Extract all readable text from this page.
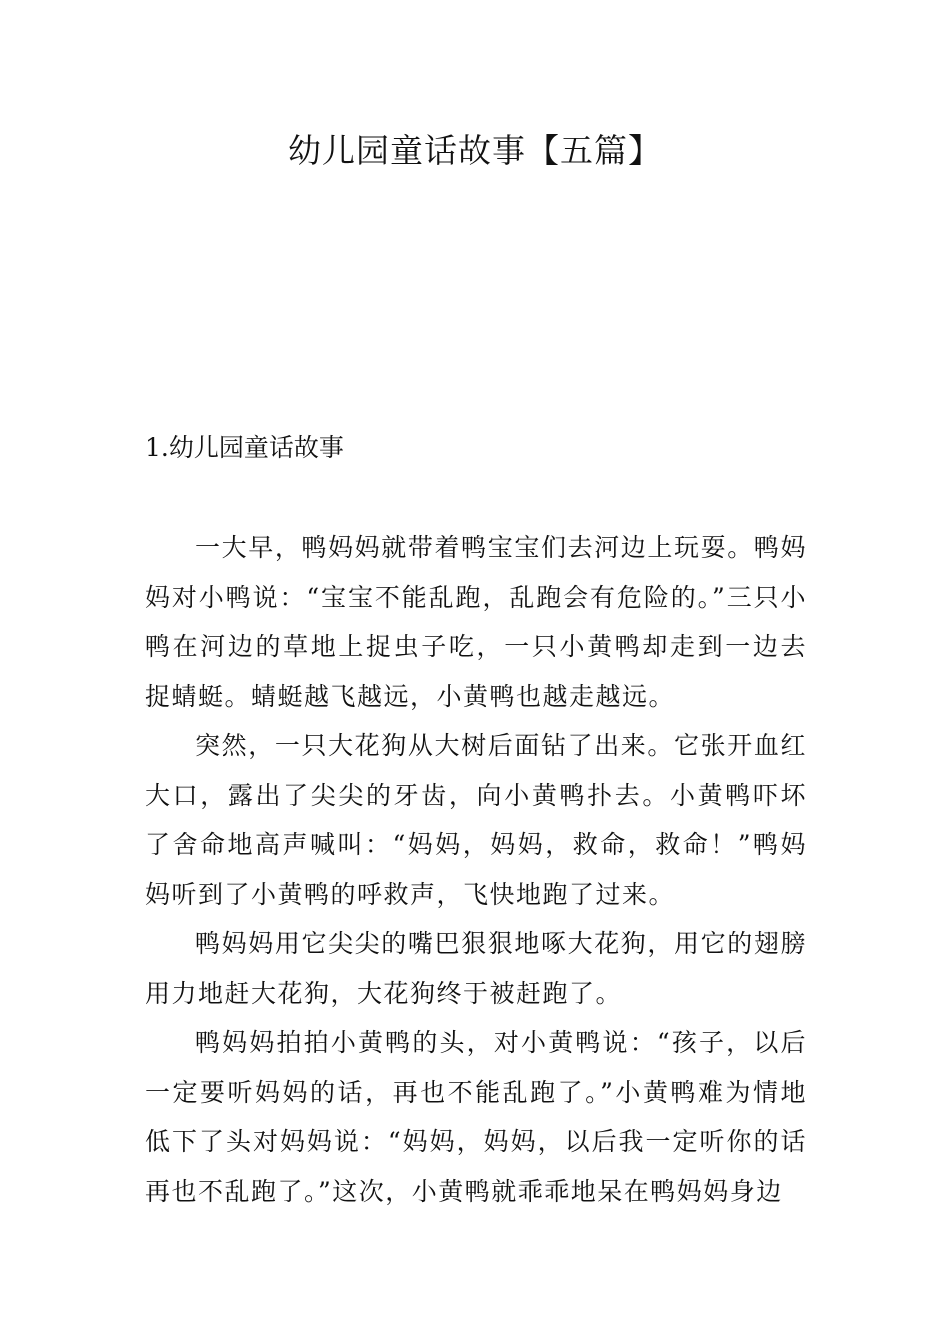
幼儿园童话故事【五篇】
1.幼儿园童话故事

一大早，鸭妈妈就带着鸭宝宝们去河边上玩耍。鸭妈妈对小鸭说：“宝宝不能乱跑，乱跑会有危险的。”三只小鸭在河边的草地上捉虫子吃，一只小黄鸭却走到一边去捉蜻蜓。蜻蜓越飞越远，小黄鸭也越走越远。

突然，一只大花狗从大树后面钻了出来。它张开血红大口，露出了尖尖的牙齿，向小黄鸭扑去。小黄鸭吓坏了舍命地高声喊叫：“妈妈，妈妈，救命，救命！”鸭妈妈听到了小黄鸭的呼救声，飞快地跑了过来。

鸭妈妈用它尖尖的嘴巴狠狠地啄大花狗，用它的翅膀用力地赶大花狗，大花狗终于被赶跑了。

鸭妈妈拍拍小黄鸭的头，对小黄鸭说：“孩子，以后一定要听妈妈的话，再也不能乱跑了。”小黄鸭难为情地低下了头对妈妈说：“妈妈，妈妈，以后我一定听你的话再也不乱跑了。”这次，小黄鸭就乖乖地呆在鸭妈妈身边
